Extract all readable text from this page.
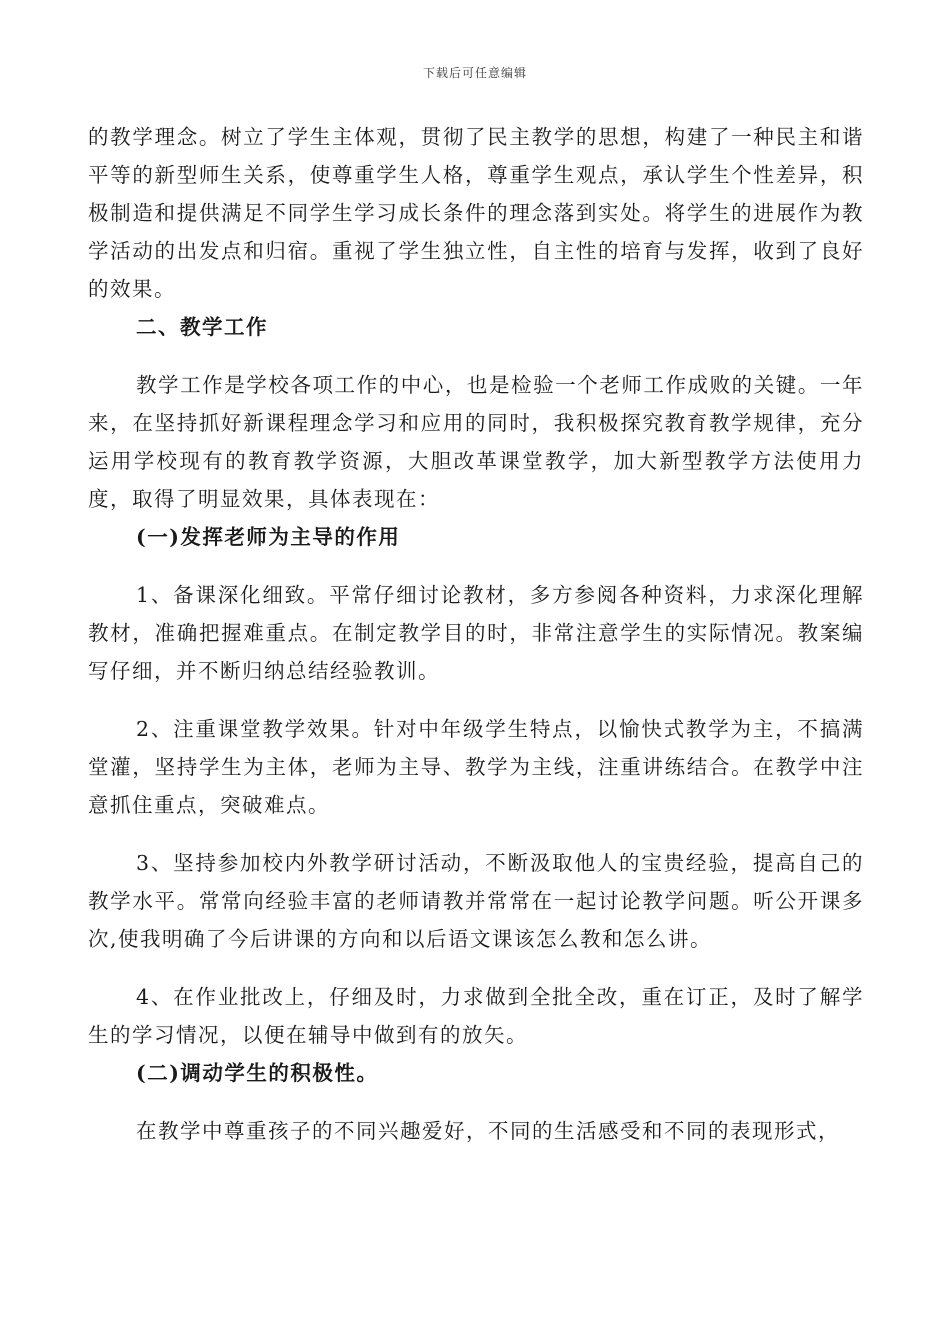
下载后可任意编辑

的教学理念。树立了学生主体观，贯彻了民主教学的思想，构建了一种民主和谐平等的新型师生关系，使尊重学生人格，尊重学生观点，承认学生个性差异，积极制造和提供满足不同学生学习成长条件的理念落到实处。将学生的进展作为教学活动的出发点和归宿。重视了学生独立性，自主性的培育与发挥，收到了良好的效果。

二、教学工作

教学工作是学校各项工作的中心，也是检验一个老师工作成败的关键。一年来，在坚持抓好新课程理念学习和应用的同时，我积极探究教育教学规律，充分运用学校现有的教育教学资源，大胆改革课堂教学，加大新型教学方法使用力度，取得了明显效果，具体表现在：

(一)发挥老师为主导的作用

1、备课深化细致。平常仔细讨论教材，多方参阅各种资料，力求深化理解教材，准确把握难重点。在制定教学目的时，非常注意学生的实际情况。教案编写仔细，并不断归纳总结经验教训。

2、注重课堂教学效果。针对中年级学生特点，以愉快式教学为主，不搞满堂灌，坚持学生为主体，老师为主导、教学为主线，注重讲练结合。在教学中注意抓住重点，突破难点。

3、坚持参加校内外教学研讨活动，不断汲取他人的宝贵经验，提高自己的教学水平。常常向经验丰富的老师请教并常常在一起讨论教学问题。听公开课多次,使我明确了今后讲课的方向和以后语文课该怎么教和怎么讲。

4、在作业批改上，仔细及时，力求做到全批全改，重在订正，及时了解学生的学习情况，以便在辅导中做到有的放矢。

(二)调动学生的积极性。

在教学中尊重孩子的不同兴趣爱好，不同的生活感受和不同的表现形式，
